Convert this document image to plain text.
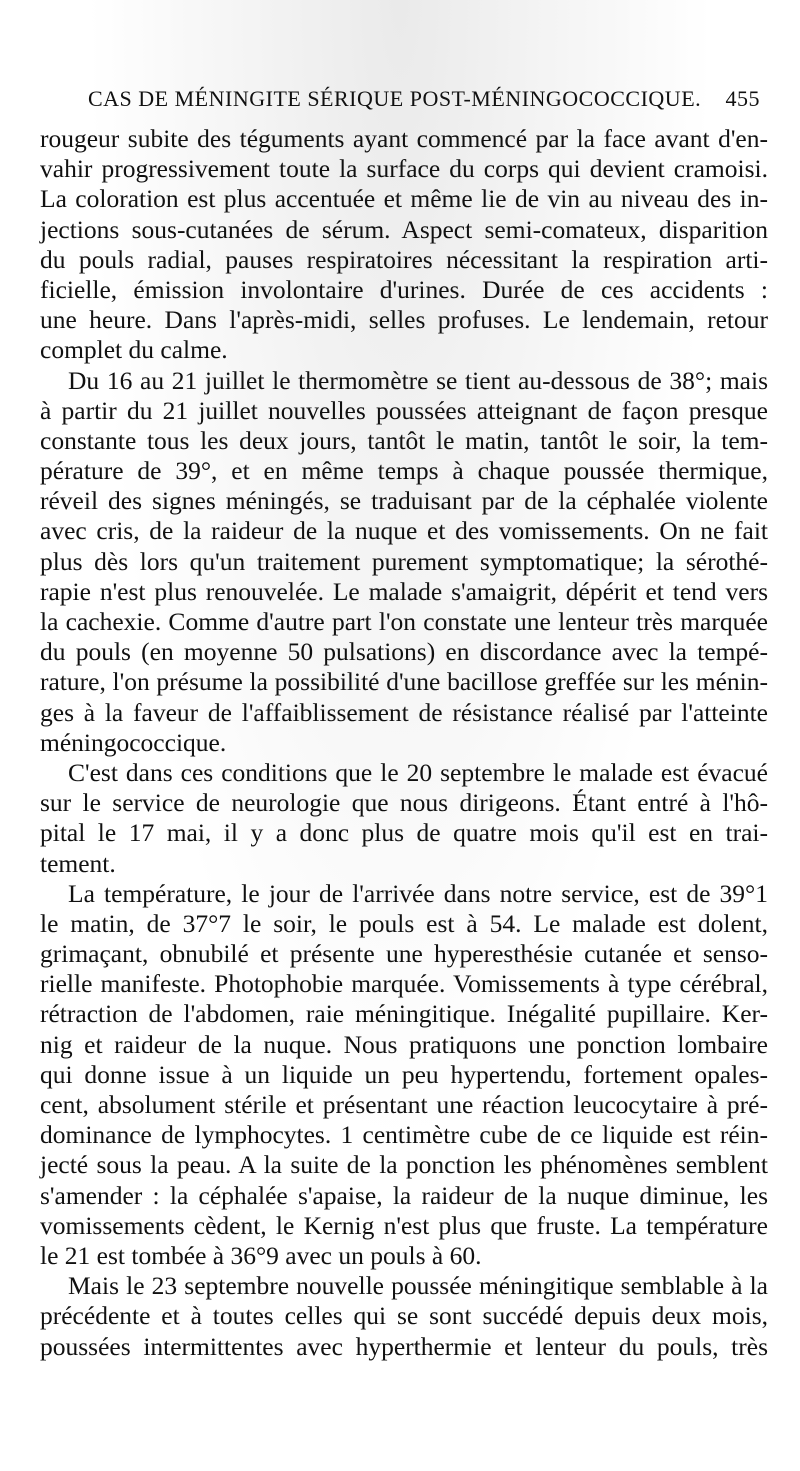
CAS DE MÉNINGITE SÉRIQUE POST-MÉNINGOCOCCIQUE. 455
rougeur subite des téguments ayant commencé par la face avant d'en-
vahir progressivement toute la surface du corps qui devient cramoisi.
La coloration est plus accentuée et même lie de vin au niveau des in-
jections sous-cutanées de sérum. Aspect semi-comateux, disparition
du pouls radial, pauses respiratoires nécessitant la respiration arti-
ficielle, émission involontaire d'urines. Durée de ces accidents :
une heure. Dans l'après-midi, selles profuses. Le lendemain, retour
complet du calme.
Du 16 au 21 juillet le thermomètre se tient au-dessous de 38°; mais
à partir du 21 juillet nouvelles poussées atteignant de façon presque
constante tous les deux jours, tantôt le matin, tantôt le soir, la tem-
pérature de 39°, et en même temps à chaque poussée thermique,
réveil des signes méningés, se traduisant par de la céphalée violente
avec cris, de la raideur de la nuque et des vomissements. On ne fait
plus dès lors qu'un traitement purement symptomatique; la sérothé-
rapie n'est plus renouvelée. Le malade s'amaigrit, dépérit et tend vers
la cachexie. Comme d'autre part l'on constate une lenteur très marquée
du pouls (en moyenne 50 pulsations) en discordance avec la tempé-
rature, l'on présume la possibilité d'une bacillose greffée sur les ménin-
ges à la faveur de l'affaiblissement de résistance réalisé par l'atteinte
méningococcique.
C'est dans ces conditions que le 20 septembre le malade est évacué
sur le service de neurologie que nous dirigeons. Étant entré à l'hô-
pital le 17 mai, il y a donc plus de quatre mois qu'il est en trai-
tement.
La température, le jour de l'arrivée dans notre service, est de 39°1
le matin, de 37°7 le soir, le pouls est à 54. Le malade est dolent,
grimaçant, obnubilé et présente une hyperesthésie cutanée et senso-
rielle manifeste. Photophobie marquée. Vomissements à type cérébral,
rétraction de l'abdomen, raie méningitique. Inégalité pupillaire. Ker-
nig et raideur de la nuque. Nous pratiquons une ponction lombaire
qui donne issue à un liquide un peu hypertendu, fortement opales-
cent, absolument stérile et présentant une réaction leucocytaire à pré-
dominance de lymphocytes. 1 centimètre cube de ce liquide est réin-
jecté sous la peau. A la suite de la ponction les phénomènes semblent
s'amender : la céphalée s'apaise, la raideur de la nuque diminue, les
vomissements cèdent, le Kernig n'est plus que fruste. La température
le 21 est tombée à 36°9 avec un pouls à 60.
Mais le 23 septembre nouvelle poussée méningitique semblable à la
précédente et à toutes celles qui se sont succédé depuis deux mois,
poussées intermittentes avec hyperthermie et lenteur du pouls, très
